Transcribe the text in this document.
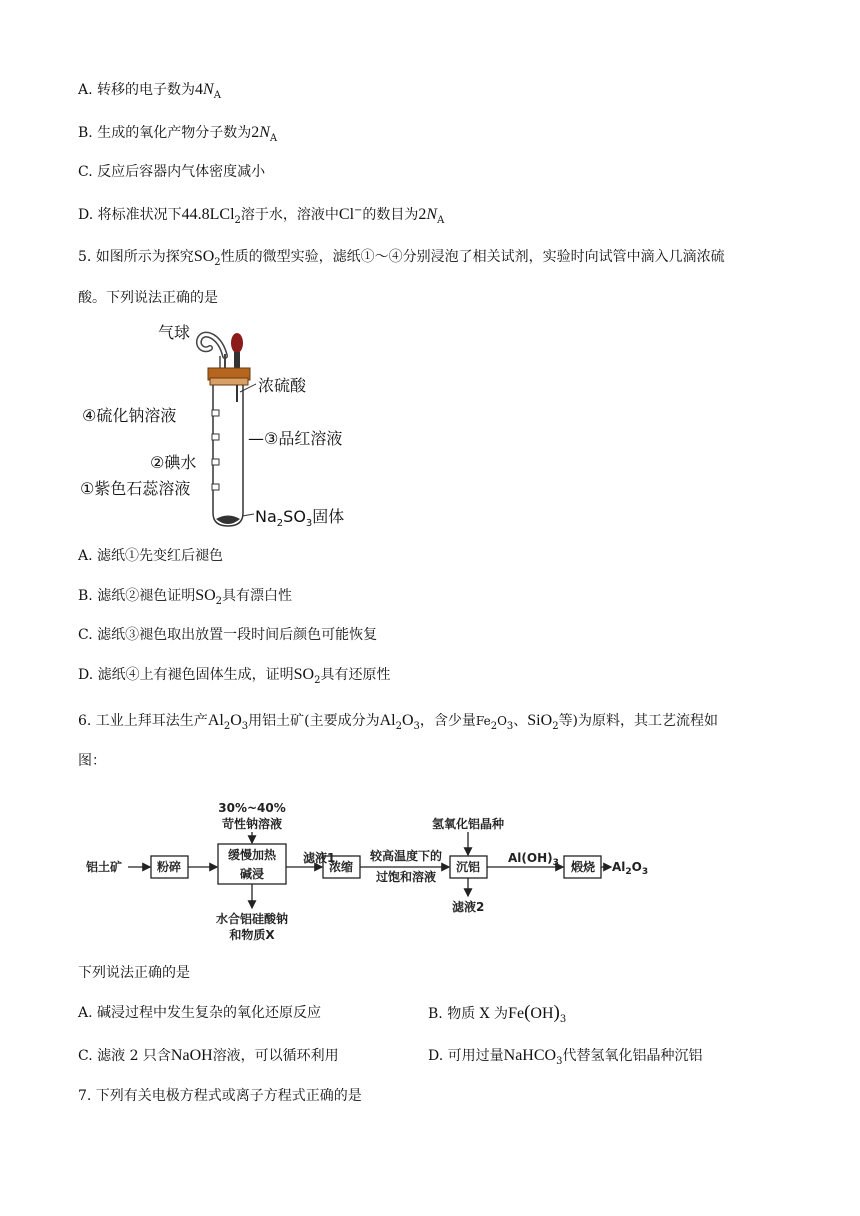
A. 转移的电子数为$4N_A$
B. 生成的氧化产物分子数为$2N_A$
C. 反应后容器内气体密度减小
D. 将标准状况下44.8LCl$_2$溶于水，溶液中Cl−的数目为$2N_A$
5. 如图所示为探究$SO_2$性质的微型实验，滤纸①～④分别浸泡了相关试剂，实验时向试管中滴入几滴浓硫
酸。下列说法正确的是
气球
浓硫酸
④硫化钠溶液
—③品红溶液
②碘水
①紫色石蕊溶液
$Na_2SO_3$固体
A. 滤纸①先变红后褪色
B. 滤纸②褪色证明$SO_2$具有漂白性
C. 滤纸③褪色取出放置一段时间后颜色可能恢复
D. 滤纸④上有褪色固体生成，证明$SO_2$具有还原性
6. 工业上拜耳法生产$Al_2O_3$用铝土矿(主要成分为$Al_2O_3$，含少量$Fe_2O_3$、SiO$_2$等)为原料，其工艺流程如
图：
30%~40%
苛性钠溶液
铝土矿	粉碎
缓慢加热
碱浸
滤液1
浓缩
较高温度下的
过饱和溶液
氢氧化铝晶种
沉铝
$Al(OH)_3$ 煅烧 $Al_2O_3$
滤液2
水合铝硅酸钠
和物质X
下列说法正确的是
A. 碱浸过程中发生复杂的氧化还原反应	B. 物质 X 为$Fe(OH)_3$
C. 滤液 2 只含NaOH溶液，可以循环利用	D. 可用过量NaHCO$_3$代替氢氧化铝晶种沉铝
7. 下列有关电极方程式或离子方程式正确的是
